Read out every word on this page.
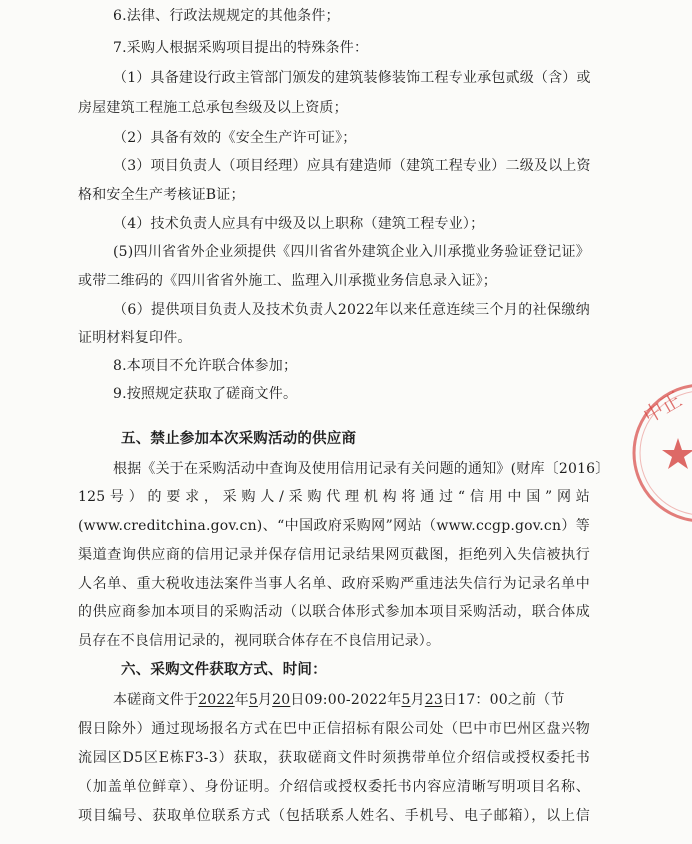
6.法律、行政法规规定的其他条件；
7.采购人根据采购项目提出的特殊条件：
（1）具备建设行政主管部门颁发的建筑装修装饰工程专业承包贰级（含）或
房屋建筑工程施工总承包叁级及以上资质；
（2）具备有效的《安全生产许可证》；
（3）项目负责人（项目经理）应具有建造师（建筑工程专业）二级及以上资
格和安全生产考核证B证；
（4）技术负责人应具有中级及以上职称（建筑工程专业）；
(5)四川省省外企业须提供《四川省省外建筑企业入川承揽业务验证登记证》
或带二维码的《四川省省外施工、监理入川承揽业务信息录入证》；
（6）提供项目负责人及技术负责人2022年以来任意连续三个月的社保缴纳
证明材料复印件。
8.本项目不允许联合体参加；
9.按照规定获取了磋商文件。
五、禁止参加本次采购活动的供应商
根据《关于在采购活动中查询及使用信用记录有关问题的通知》(财库〔2016〕
125号）的要求，采购人/采购代理机构将通过“信用中国”网站
(www.creditchina.gov.cn)、“中国政府采购网”网站（www.ccgp.gov.cn）等
渠道查询供应商的信用记录并保存信用记录结果网页截图，拒绝列入失信被执行
人名单、重大税收违法案件当事人名单、政府采购严重违法失信行为记录名单中
的供应商参加本项目的采购活动（以联合体形式参加本项目采购活动，联合体成
员存在不良信用记录的，视同联合体存在不良信用记录）。
六、采购文件获取方式、时间：
本磋商文件于2022年5月20日09:00-2022年5月23日17：00之前（节
假日除外）通过现场报名方式在巴中正信招标有限公司处（巴中市巴州区盘兴物
流园区D5区E栋F3-3）获取，获取磋商文件时须携带单位介绍信或授权委托书
（加盖单位鲜章）、身份证明。介绍信或授权委托书内容应清晰写明项目名称、
项目编号、获取单位联系方式（包括联系人姓名、手机号、电子邮箱），以上信
中正
